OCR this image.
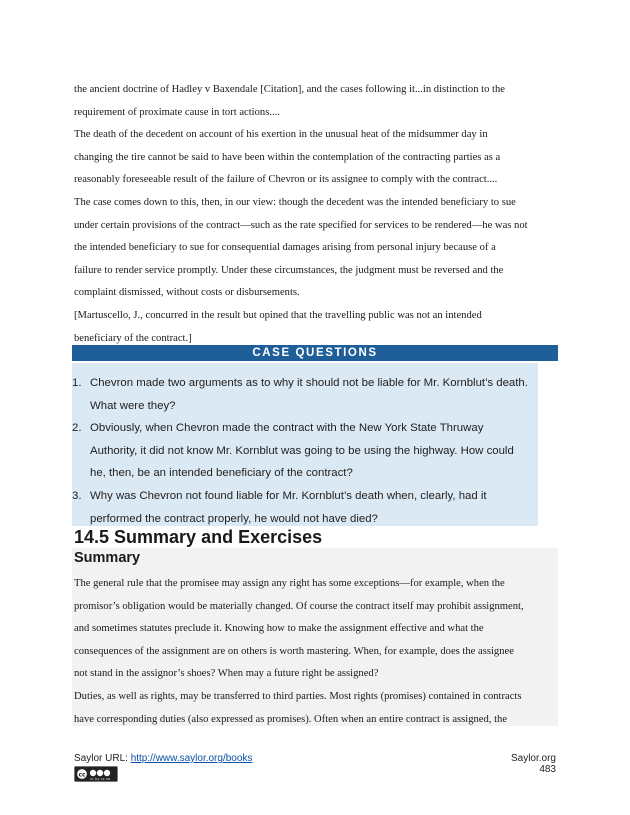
the ancient doctrine of Hadley v Baxendale [Citation], and the cases following it...in distinction to the
requirement of proximate cause in tort actions....
The death of the decedent on account of his exertion in the unusual heat of the midsummer day in
changing the tire cannot be said to have been within the contemplation of the contracting parties as a
reasonably foreseeable result of the failure of Chevron or its assignee to comply with the contract....
The case comes down to this, then, in our view: though the decedent was the intended beneficiary to sue
under certain provisions of the contract—such as the rate specified for services to be rendered—he was not
the intended beneficiary to sue for consequential damages arising from personal injury because of a
failure to render service promptly. Under these circumstances, the judgment must be reversed and the
complaint dismissed, without costs or disbursements.
[Martuscello, J., concurred in the result but opined that the travelling public was not an intended
beneficiary of the contract.]
CASE QUESTIONS
1. Chevron made two arguments as to why it should not be liable for Mr. Kornblut’s death.
What were they?
2. Obviously, when Chevron made the contract with the New York State Thruway
Authority, it did not know Mr. Kornblut was going to be using the highway. How could
he, then, be an intended beneficiary of the contract?
3. Why was Chevron not found liable for Mr. Kornblut’s death when, clearly, had it
performed the contract properly, he would not have died?
14.5 Summary and Exercises
Summary
The general rule that the promisee may assign any right has some exceptions—for example, when the
promisor’s obligation would be materially changed. Of course the contract itself may prohibit assignment,
and sometimes statutes preclude it. Knowing how to make the assignment effective and what the
consequences of the assignment are on others is worth mastering. When, for example, does the assignee
not stand in the assignor’s shoes? When may a future right be assigned?
Duties, as well as rights, may be transferred to third parties. Most rights (promises) contained in contracts
have corresponding duties (also expressed as promises). Often when an entire contract is assigned, the
Saylor URL: http://www.saylor.org/books
cc
cc by nc sa
Saylor.org
483
